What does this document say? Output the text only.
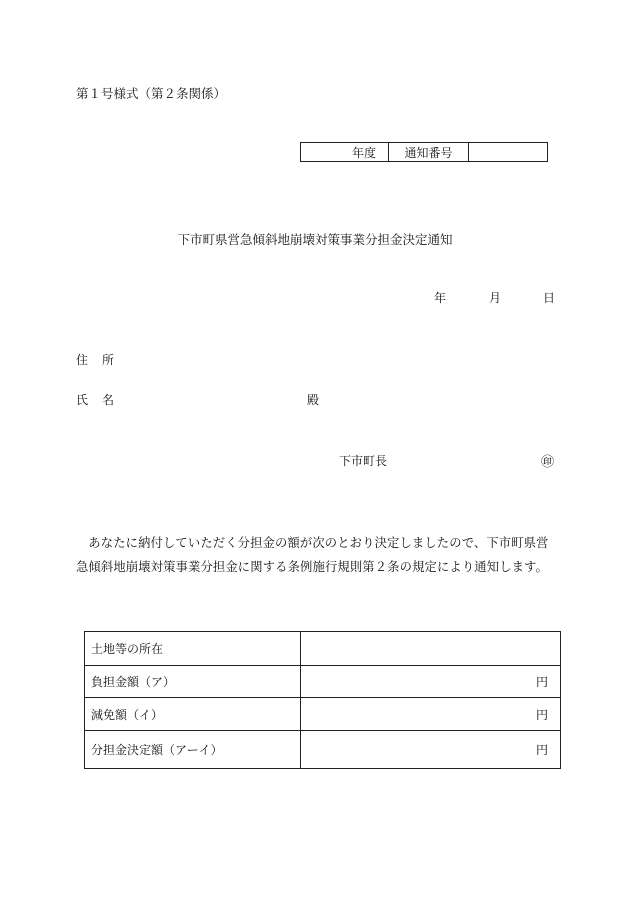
第１号様式（第２条関係）
年度	通知番号
下市町県営急傾斜地崩壊対策事業分担金決定通知
年	月	日
住所
氏名	殿
下市町長	㊞
あなたに納付していただく分担金の額が次のとおり決定しましたので、下市町県営急傾斜地崩壊対策事業分担金に関する条例施行規則第２条の規定により通知します。
土地等の所在	
負担金額（ア）	円
減免額（イ）	円
分担金決定額（アーイ）	円
